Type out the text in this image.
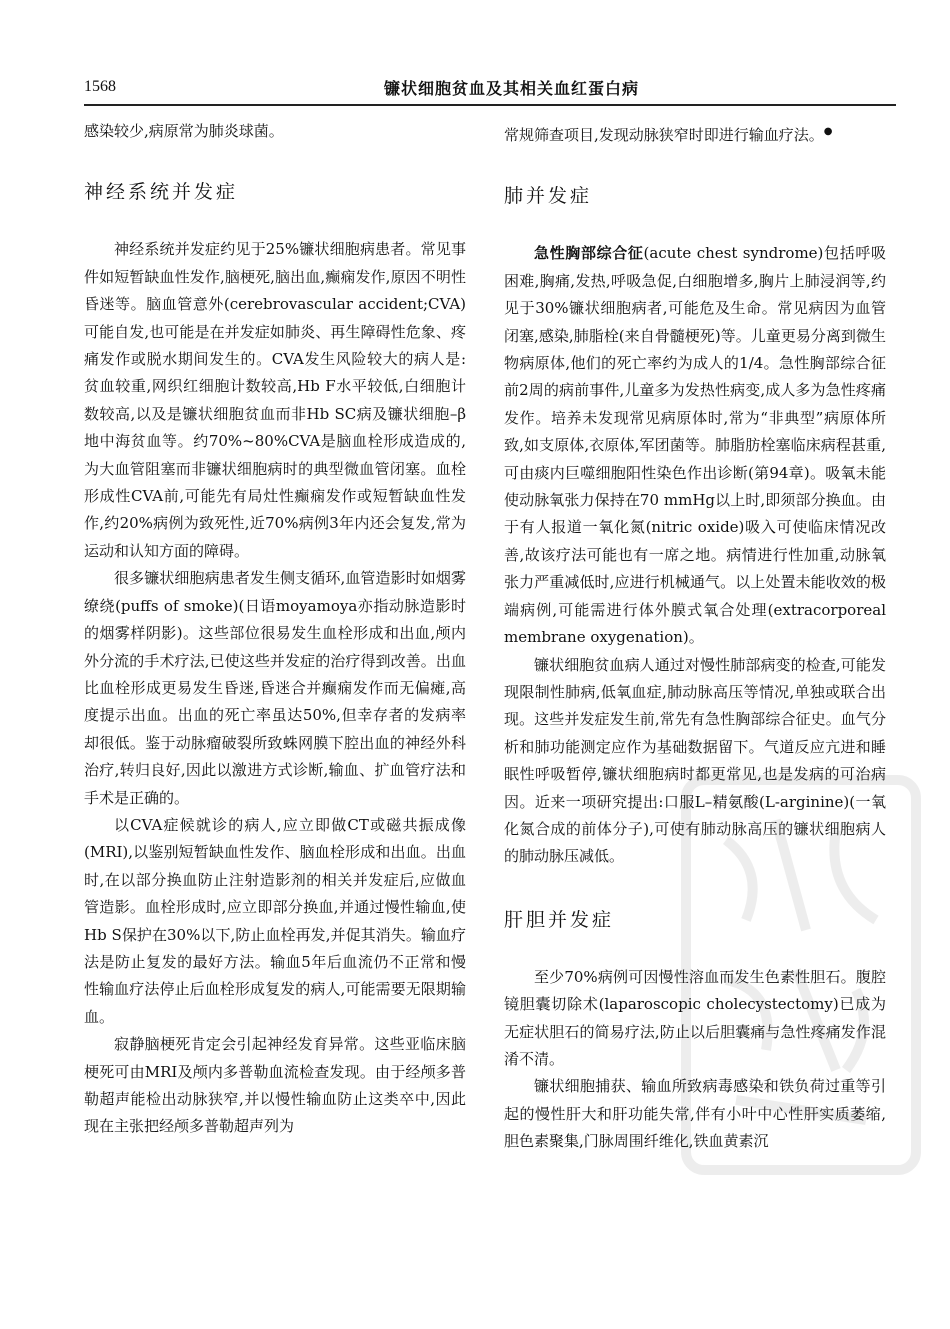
1568	镰状细胞贫血及其相关血红蛋白病

感染较少,病原常为肺炎球菌。

神经系统并发症

神经系统并发症约见于25%镰状细胞病患者。常见事件如短暂缺血性发作,脑梗死,脑出血,癫痫发作,原因不明性昏迷等。脑血管意外(cerebrovascular accident;CVA)可能自发,也可能是在并发症如肺炎、再生障碍性危象、疼痛发作或脱水期间发生的。CVA发生风险较大的病人是:贫血较重,网织红细胞计数较高,Hb F水平较低,白细胞计数较高,以及是镰状细胞贫血而非Hb SC病及镰状细胞–β地中海贫血等。约70%~80%CVA是脑血栓形成造成的,为大血管阻塞而非镰状细胞病时的典型微血管闭塞。血栓形成性CVA前,可能先有局灶性癫痫发作或短暂缺血性发作,约20%病例为致死性,近70%病例3年内还会复发,常为运动和认知方面的障碍。

很多镰状细胞病患者发生侧支循环,血管造影时如烟雾缭绕(puffs of smoke)(日语moyamoya亦指动脉造影时的烟雾样阴影)。这些部位很易发生血栓形成和出血,颅内外分流的手术疗法,已使这些并发症的治疗得到改善。出血比血栓形成更易发生昏迷,昏迷合并癫痫发作而无偏瘫,高度提示出血。出血的死亡率虽达50%,但幸存者的发病率却很低。鉴于动脉瘤破裂所致蛛网膜下腔出血的神经外科治疗,转归良好,因此以激进方式诊断,输血、扩血管疗法和手术是正确的。

以CVA症候就诊的病人,应立即做CT或磁共振成像(MRI),以鉴别短暂缺血性发作、脑血栓形成和出血。出血时,在以部分换血防止注射造影剂的相关并发症后,应做血管造影。血栓形成时,应立即部分换血,并通过慢性输血,使Hb S保护在30%以下,防止血栓再发,并促其消失。输血疗法是防止复发的最好方法。输血5年后血流仍不正常和慢性输血疗法停止后血栓形成复发的病人,可能需要无限期输血。

寂静脑梗死肯定会引起神经发育异常。这些亚临床脑梗死可由MRI及颅内多普勒血流检查发现。由于经颅多普勒超声能检出动脉狭窄,并以慢性输血防止这类卒中,因此现在主张把经颅多普勒超声列为

常规筛查项目,发现动脉狭窄时即进行输血疗法。●

肺并发症

急性胸部综合征(acute chest syndrome)包括呼吸困难,胸痛,发热,呼吸急促,白细胞增多,胸片上肺浸润等,约见于30%镰状细胞病者,可能危及生命。常见病因为血管闭塞,感染,肺脂栓(来自骨髓梗死)等。儿童更易分离到微生物病原体,他们的死亡率约为成人的1/4。急性胸部综合征前2周的病前事件,儿童多为发热性病变,成人多为急性疼痛发作。培养未发现常见病原体时,常为“非典型”病原体所致,如支原体,衣原体,军团菌等。肺脂肪栓塞临床病程甚重,可由痰内巨噬细胞阳性染色作出诊断(第94章)。吸氧未能使动脉氧张力保持在70 mmHg以上时,即须部分换血。由于有人报道一氧化氮(nitric oxide)吸入可使临床情况改善,故该疗法可能也有一席之地。病情进行性加重,动脉氧张力严重减低时,应进行机械通气。以上处置未能收效的极端病例,可能需进行体外膜式氧合处理(extracorporeal membrane oxygenation)。

镰状细胞贫血病人通过对慢性肺部病变的检查,可能发现限制性肺病,低氧血症,肺动脉高压等情况,单独或联合出现。这些并发症发生前,常先有急性胸部综合征史。血气分析和肺功能测定应作为基础数据留下。气道反应亢进和睡眠性呼吸暂停,镰状细胞病时都更常见,也是发病的可治病因。近来一项研究提出:口服L–精氨酸(L-arginine)(一氧化氮合成的前体分子),可使有肺动脉高压的镰状细胞病人的肺动脉压减低。

肝胆并发症

至少70%病例可因慢性溶血而发生色素性胆石。腹腔镜胆囊切除术(laparoscopic cholecystectomy)已成为无症状胆石的简易疗法,防止以后胆囊痛与急性疼痛发作混淆不清。

镰状细胞捕获、输血所致病毒感染和铁负荷过重等引起的慢性肝大和肝功能失常,伴有小叶中心性肝实质萎缩,胆色素聚集,门脉周围纤维化,铁血黄素沉
